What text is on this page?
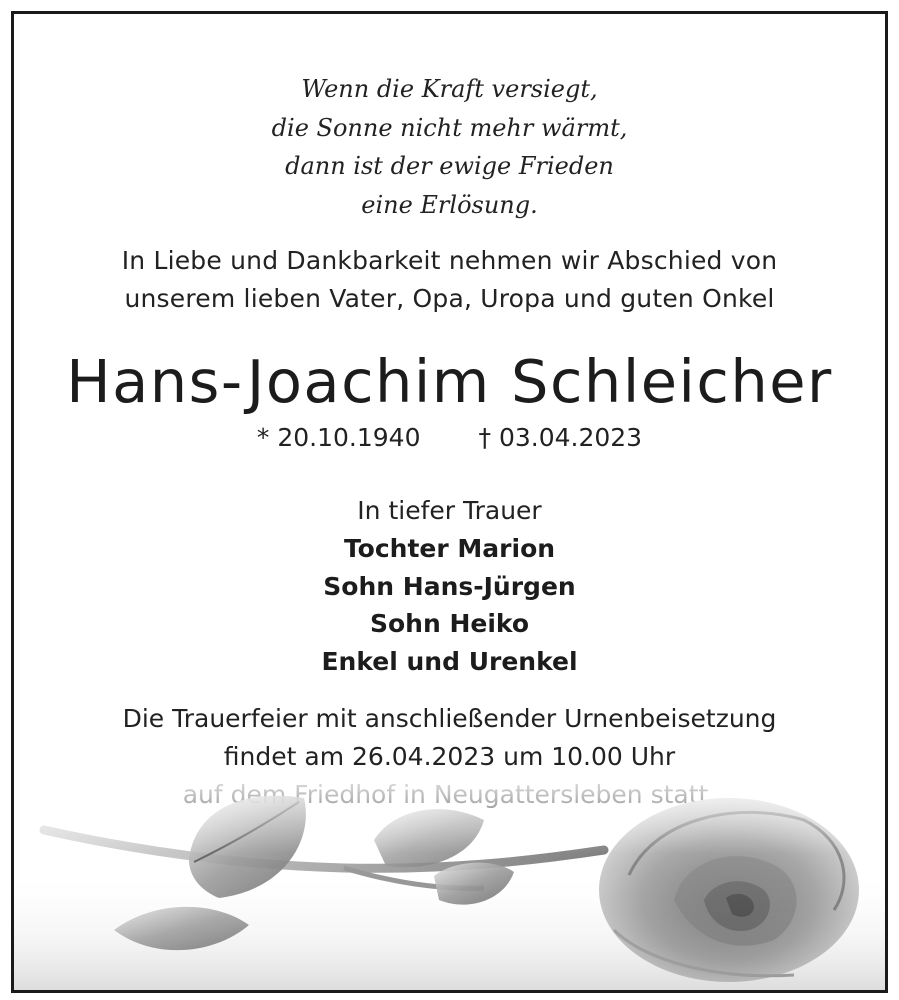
Wenn die Kraft versiegt,
die Sonne nicht mehr wärmt,
dann ist der ewige Frieden
eine Erlösung.
In Liebe und Dankbarkeit nehmen wir Abschied von
unserem lieben Vater, Opa, Uropa und guten Onkel
Hans-Joachim Schleicher
* 20.10.1940 † 03.04.2023
In tiefer Trauer
Tochter Marion
Sohn Hans-Jürgen
Sohn Heiko
Enkel und Urenkel
Die Trauerfeier mit anschließender Urnenbeisetzung
findet am 26.04.2023 um 10.00 Uhr
